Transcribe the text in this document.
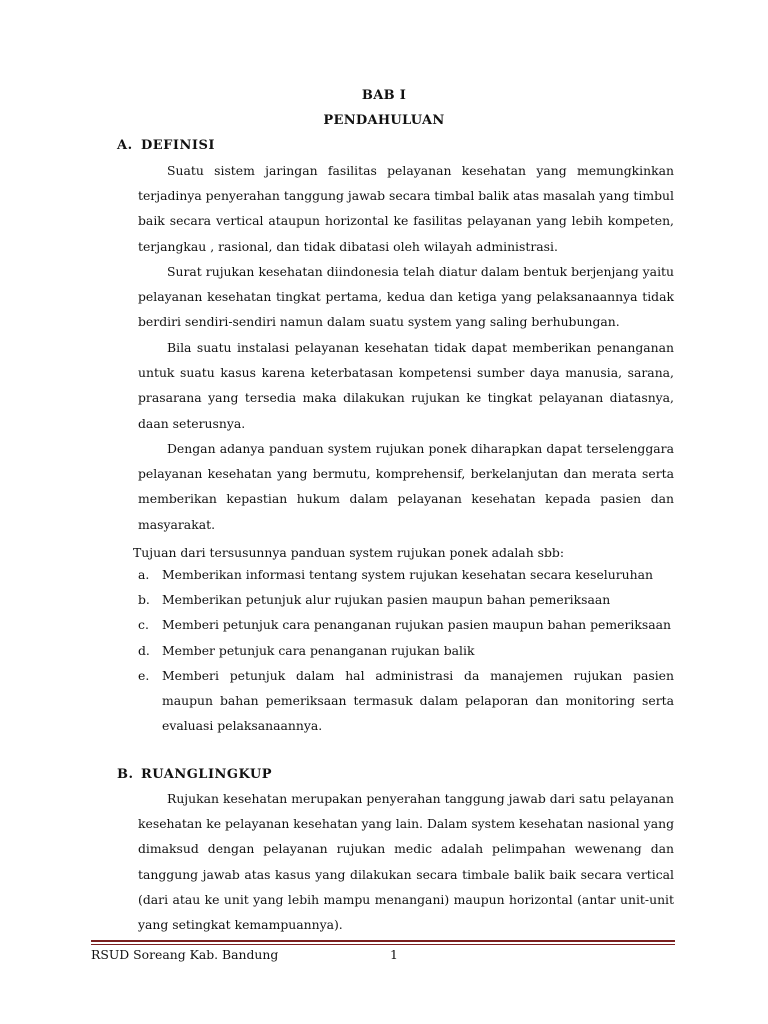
BAB I
PENDAHULUAN
A. DEFINISI

Suatu sistem jaringan fasilitas pelayanan kesehatan yang memungkinkan terjadinya penyerahan tanggung jawab secara timbal balik atas masalah yang timbul baik secara vertical ataupun horizontal ke fasilitas pelayanan yang lebih kompeten, terjangkau , rasional, dan tidak dibatasi oleh wilayah administrasi.

Surat rujukan kesehatan diindonesia telah diatur dalam bentuk berjenjang yaitu pelayanan kesehatan tingkat pertama, kedua dan ketiga yang pelaksanaannya tidak berdiri sendiri-sendiri namun dalam suatu system yang saling berhubungan.

Bila suatu instalasi pelayanan kesehatan tidak dapat memberikan penanganan untuk suatu kasus karena keterbatasan kompetensi sumber daya manusia, sarana, prasarana yang tersedia maka dilakukan rujukan ke tingkat pelayanan diatasnya, daan seterusnya.

Dengan adanya panduan system rujukan ponek diharapkan dapat terselenggara pelayanan kesehatan yang bermutu, komprehensif, berkelanjutan dan merata serta memberikan kepastian hukum dalam pelayanan kesehatan kepada pasien dan masyarakat.

Tujuan dari tersusunnya panduan system rujukan ponek adalah sbb:

a. Memberikan informasi tentang system rujukan kesehatan secara keseluruhan
b. Memberikan petunjuk alur rujukan pasien maupun bahan pemeriksaan
c. Memberi petunjuk cara penanganan rujukan pasien maupun bahan pemeriksaan
d. Member petunjuk cara penanganan rujukan balik
e. Memberi petunjuk dalam hal administrasi da manajemen rujukan pasien maupun bahan pemeriksaan termasuk dalam pelaporan dan monitoring serta evaluasi pelaksanaannya.
B. RUANGLINGKUP

Rujukan kesehatan merupakan penyerahan tanggung jawab dari satu pelayanan kesehatan ke pelayanan kesehatan yang lain. Dalam system kesehatan nasional yang dimaksud dengan pelayanan rujukan medic adalah pelimpahan wewenang dan tanggung jawab atas kasus yang dilakukan secara timbale balik baik secara vertical (dari atau ke unit yang lebih mampu menangani) maupun horizontal (antar unit-unit yang setingkat kemampuannya).

RSUD Soreang Kab. Bandung	1
